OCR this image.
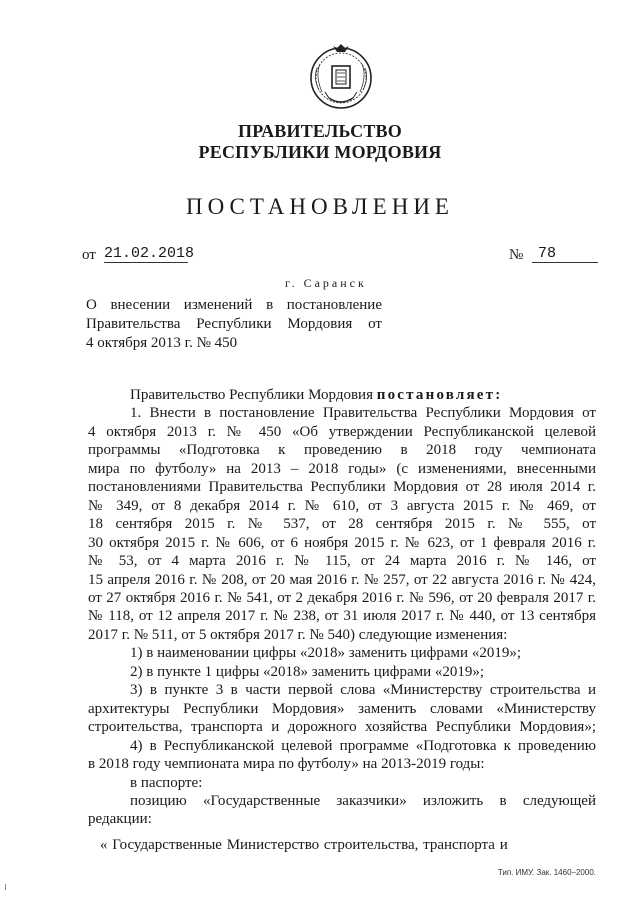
ПРАВИТЕЛЬСТВО
РЕСПУБЛИКИ МОРДОВИЯ
ПОСТАНОВЛЕНИЕ
от 21.02.2018	№ 78
г. Саранск
О внесении изменений в постановление
Правительства Республики Мордовия от
4 октября 2013 г. № 450
Правительство Республики Мордовия постановляет:
1. Внести в постановление Правительства Республики Мордовия от
4 октября 2013 г. № 450 «Об утверждении Республиканской целевой
программы «Подготовка к проведению в 2018 году чемпионата
мира по футболу» на 2013 – 2018 годы» (с изменениями, внесенными
постановлениями Правительства Республики Мордовия от 28 июля 2014 г.
№ 349, от 8 декабря 2014 г. № 610, от 3 августа 2015 г. № 469, от
18 сентября 2015 г. № 537, от 28 сентября 2015 г. № 555, от
30 октября 2015 г. № 606, от 6 ноября 2015 г. № 623, от 1 февраля 2016 г.
№ 53, от 4 марта 2016 г. № 115, от 24 марта 2016 г. № 146, от
15 апреля 2016 г. № 208, от 20 мая 2016 г. № 257, от 22 августа 2016 г. № 424,
от 27 октября 2016 г. № 541, от 2 декабря 2016 г. № 596, от 20 февраля 2017 г.
№ 118, от 12 апреля 2017 г. № 238, от 31 июля 2017 г. № 440, от 13 сентября
2017 г. № 511, от 5 октября 2017 г. № 540) следующие изменения:
1) в наименовании цифры «2018» заменить цифрами «2019»;
2) в пункте 1 цифры «2018» заменить цифрами «2019»;
3) в пункте 3 в части первой слова «Министерству строительства и
архитектуры Республики Мордовия» заменить словами «Министерству
строительства, транспорта и дорожного хозяйства Республики Мордовия»;
4) в Республиканской целевой программе «Подготовка к проведению
в 2018 году чемпионата мира по футболу» на 2013-2019 годы:
в паспорте:
позицию «Государственные заказчики» изложить в следующей
редакции:
« Государственные Министерство строительства, транспорта и
Тип. ИМУ. Зак. 1460–2000.
